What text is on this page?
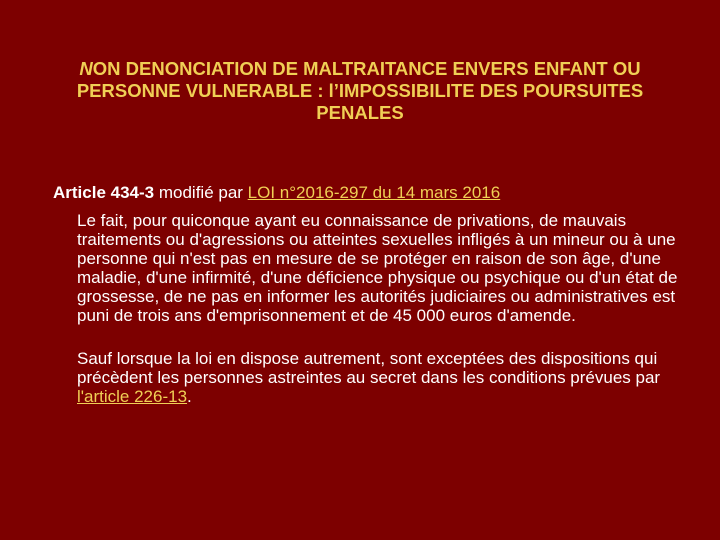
NON DENONCIATION DE MALTRAITANCE ENVERS ENFANT OU PERSONNE VULNERABLE : l’IMPOSSIBILITE DES POURSUITES PENALES

Article 434-3 modifié par LOI n°2016-297 du 14 mars 2016

Le fait, pour quiconque ayant eu connaissance de privations, de mauvais traitements ou d'agressions ou atteintes sexuelles infligés à un mineur ou à une personne qui n'est pas en mesure de se protéger en raison de son âge, d'une maladie, d'une infirmité, d'une déficience physique ou psychique ou d'un état de grossesse, de ne pas en informer les autorités judiciaires ou administratives est puni de trois ans d'emprisonnement et de 45 000 euros d'amende.

Sauf lorsque la loi en dispose autrement, sont exceptées des dispositions qui précèdent les personnes astreintes au secret dans les conditions prévues par l'article 226-13.
